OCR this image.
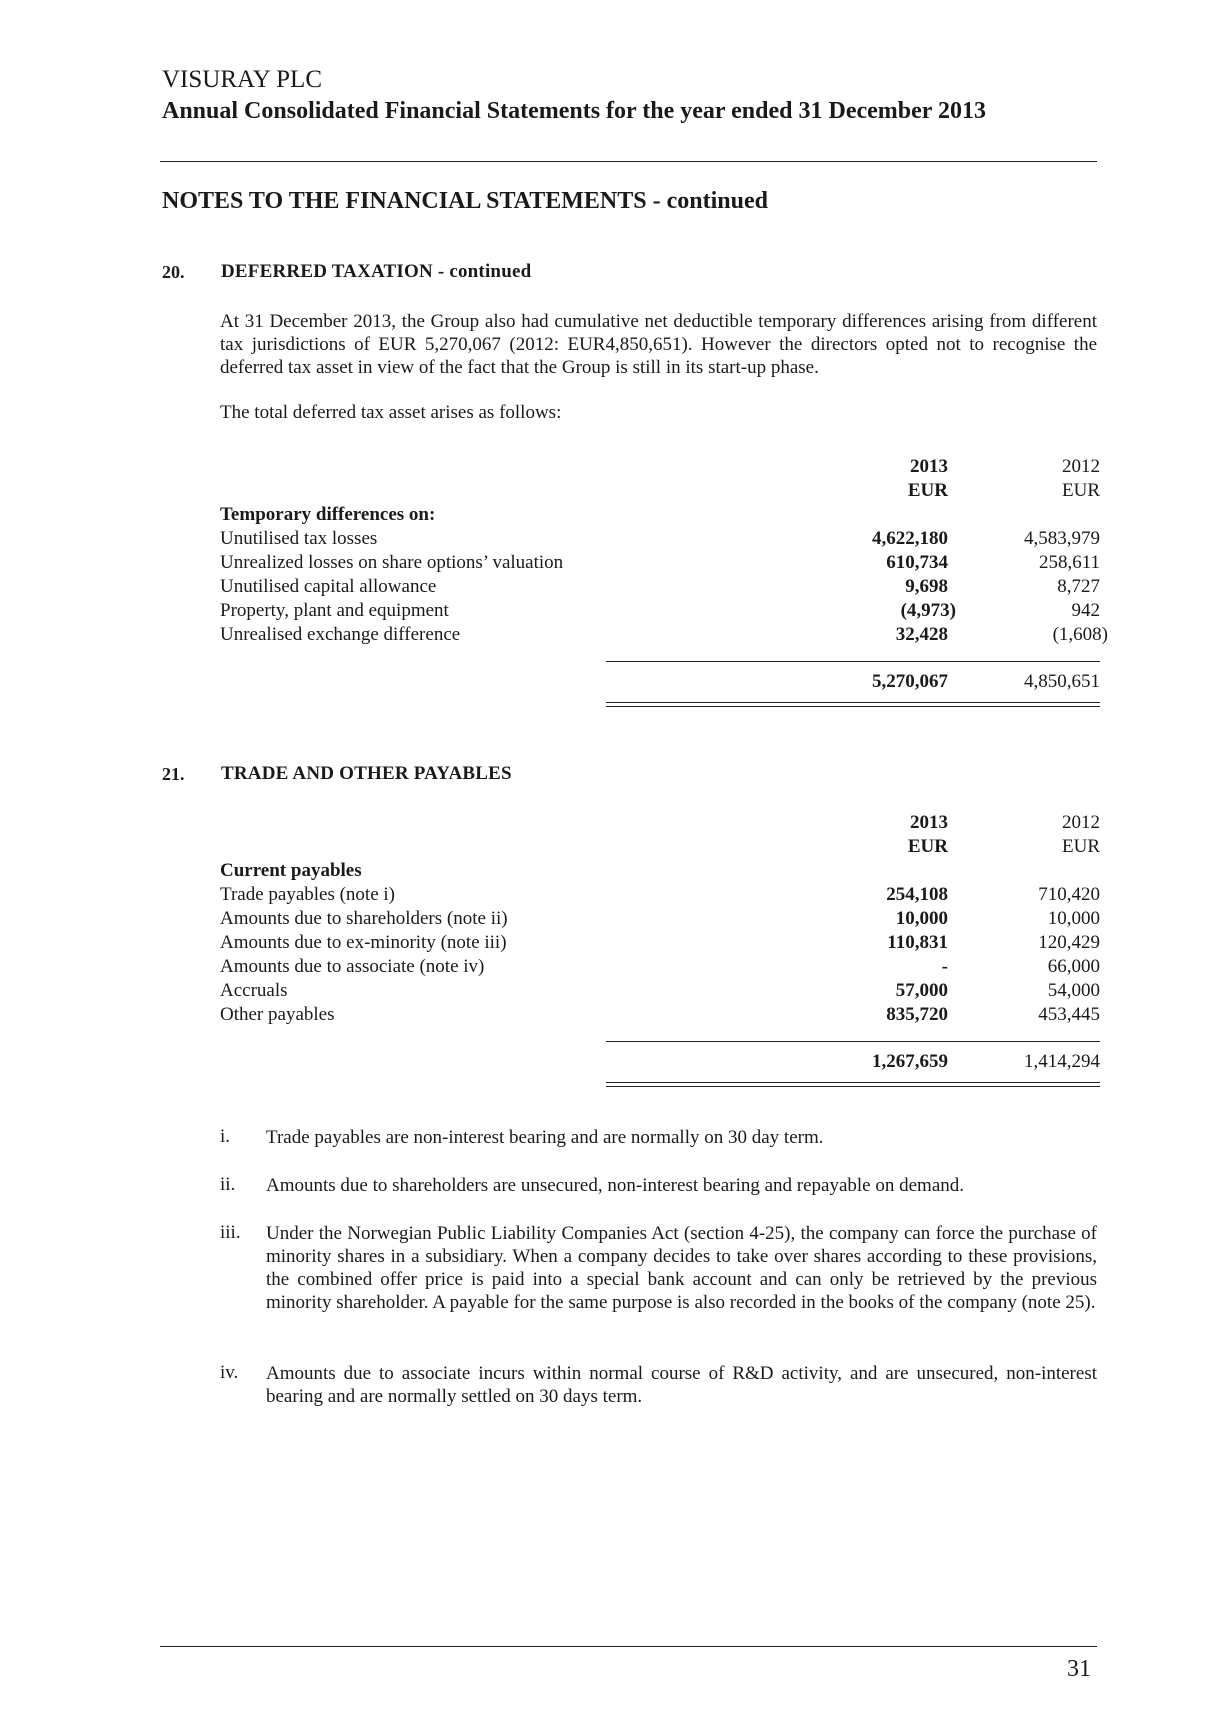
VISURAY PLC
Annual Consolidated Financial Statements for the year ended 31 December 2013
NOTES TO THE FINANCIAL STATEMENTS - continued
20. DEFERRED TAXATION - continued
At 31 December 2013, the Group also had cumulative net deductible temporary differences arising from different tax jurisdictions of EUR 5,270,067 (2012: EUR4,850,651). However the directors opted not to recognise the deferred tax asset in view of the fact that the Group is still in its start-up phase.
The total deferred tax asset arises as follows:
2013	2012
EUR	EUR
Temporary differences on:
Unutilised tax losses	4,622,180	4,583,979
Unrealized losses on share options’ valuation	610,734	258,611
Unutilised capital allowance	9,698	8,727
Property, plant and equipment	(4,973)	942
Unrealised exchange difference	32,428	(1,608)
5,270,067	4,850,651
21. TRADE AND OTHER PAYABLES
2013	2012
EUR	EUR
Current payables
Trade payables (note i)	254,108	710,420
Amounts due to shareholders (note ii)	10,000	10,000
Amounts due to ex-minority (note iii)	110,831	120,429
Amounts due to associate (note iv)	-	66,000
Accruals	57,000	54,000
Other payables	835,720	453,445
1,267,659	1,414,294
i. Trade payables are non-interest bearing and are normally on 30 day term.
ii. Amounts due to shareholders are unsecured, non-interest bearing and repayable on demand.
iii. Under the Norwegian Public Liability Companies Act (section 4-25), the company can force the purchase of minority shares in a subsidiary. When a company decides to take over shares according to these provisions, the combined offer price is paid into a special bank account and can only be retrieved by the previous minority shareholder. A payable for the same purpose is also recorded in the books of the company (note 25).
iv. Amounts due to associate incurs within normal course of R&D activity, and are unsecured, non-interest bearing and are normally settled on 30 days term.
31
